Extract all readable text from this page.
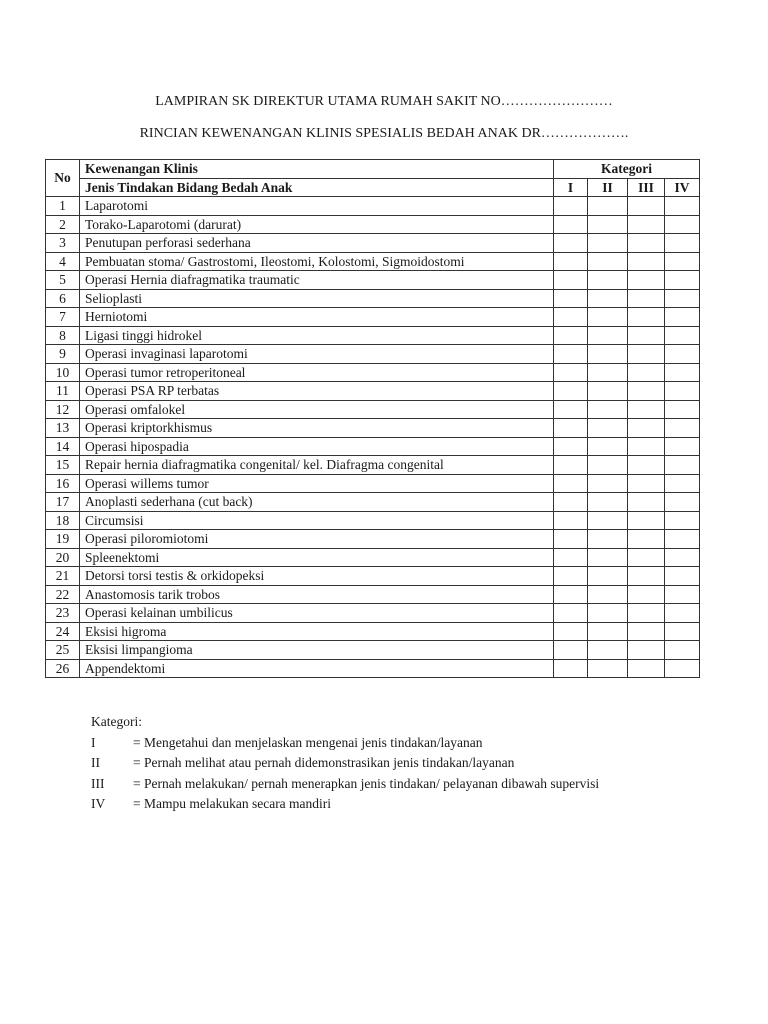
LAMPIRAN SK DIREKTUR UTAMA RUMAH SAKIT NO……………………
RINCIAN KEWENANGAN KLINIS SPESIALIS BEDAH ANAK DR……………….
No	Kewenangan Klinis	Kategori			
	Jenis Tindakan Bidang Bedah Anak	I	II	III	IV
1	Laparotomi				
2	Torako-Laparotomi (darurat)				
3	Penutupan perforasi sederhana				
4	Pembuatan stoma/ Gastrostomi, Ileostomi, Kolostomi, Sigmoidostomi				
5	Operasi Hernia diafragmatika traumatic				
6	Selioplasti				
7	Herniotomi				
8	Ligasi tinggi hidrokel				
9	Operasi invaginasi laparotomi				
10	Operasi tumor retroperitoneal				
11	Operasi PSA RP terbatas				
12	Operasi omfalokel				
13	Operasi kriptorkhismus				
14	Operasi hipospadia				
15	Repair hernia diafragmatika congenital/ kel. Diafragma congenital				
16	Operasi willems tumor				
17	Anoplasti sederhana (cut back)				
18	Circumsisi				
19	Operasi piloromiotomi				
20	Spleenektomi				
21	Detorsi torsi testis & orkidopeksi				
22	Anastomosis tarik trobos				
23	Operasi kelainan umbilicus				
24	Eksisi higroma				
25	Eksisi limpangioma				
26	Appendektomi				
Kategori:
I	= Mengetahui dan menjelaskan mengenai jenis tindakan/layanan
II	= Pernah melihat atau pernah didemonstrasikan jenis tindakan/layanan
III	= Pernah melakukan/ pernah menerapkan jenis tindakan/ pelayanan dibawah supervisi
IV	= Mampu melakukan secara mandiri
